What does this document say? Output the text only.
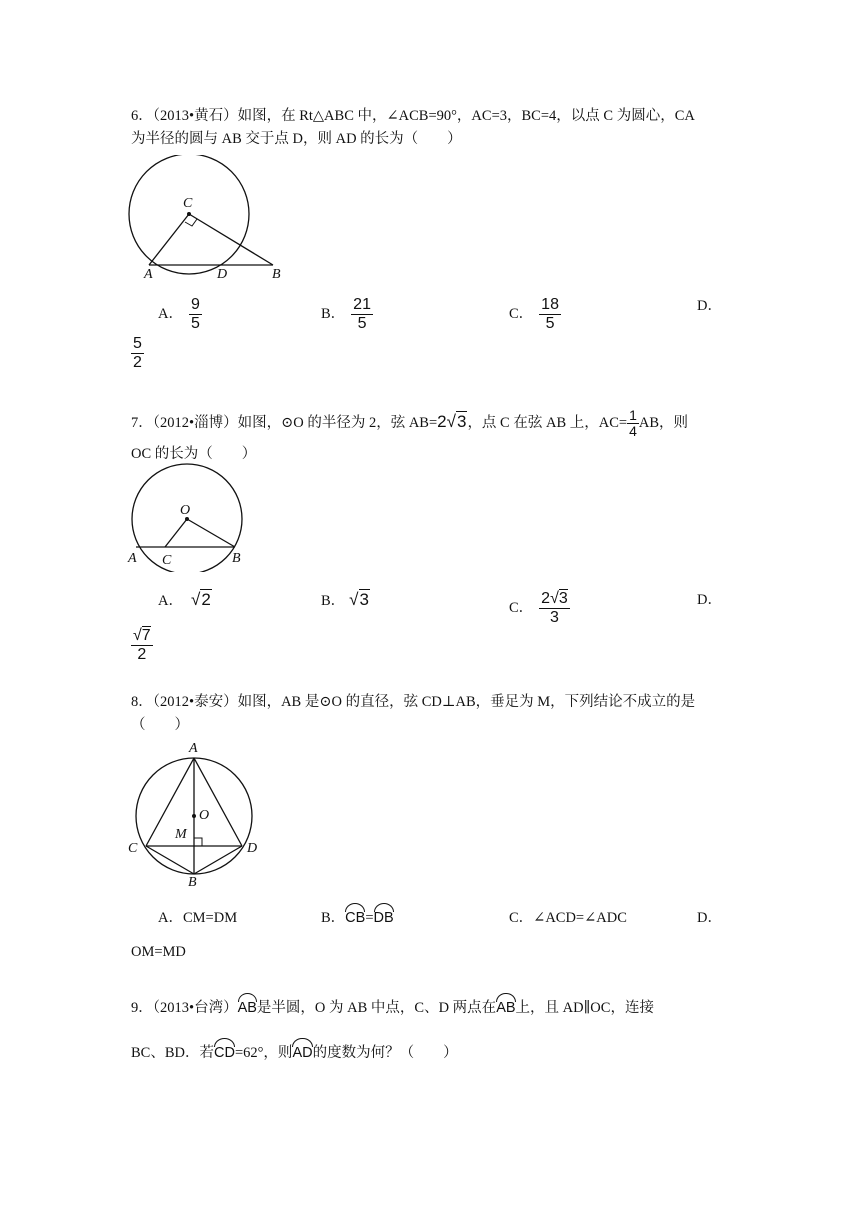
6．（2013•黄石）如图，在 Rt△ABC 中，∠ACB=90°，AC=3，BC=4，以点 C 为圆心，CA
为半径的圆与 AB 交于点 D，则 AD 的长为（　　）
C
A	D	B
A． $\frac{9}{5}$	B． $\frac{21}{5}$	C． $\frac{18}{5}$	D．
$\frac{5}{2}$
7．（2012•淄博）如图，⊙O 的半径为 2，弦 AB=2√3，点 C 在弦 AB 上，$AC= \frac{1}{4}$ AB，则
OC 的长为（　　）
O
A C	B
A． √2	B． √3	C． $\frac{2√3}{3}$	D．
$\frac{√7}{2}$
8．（2012•泰安）如图，AB 是⊙O 的直径，弦 CD⊥AB，垂足为 M，下列结论不成立的是
（　　）
A
O
M
C	D
B
A．CM=DM	B．CB=DB	C．∠ACD=∠ADC	D．
OM=MD
9．（2013•台湾）AB是半圆，O 为 AB 中点，C、D 两点在AB上，且 AD∥OC，连接
BC、BD．若CD=62°，则AD的度数为何？（　　）
